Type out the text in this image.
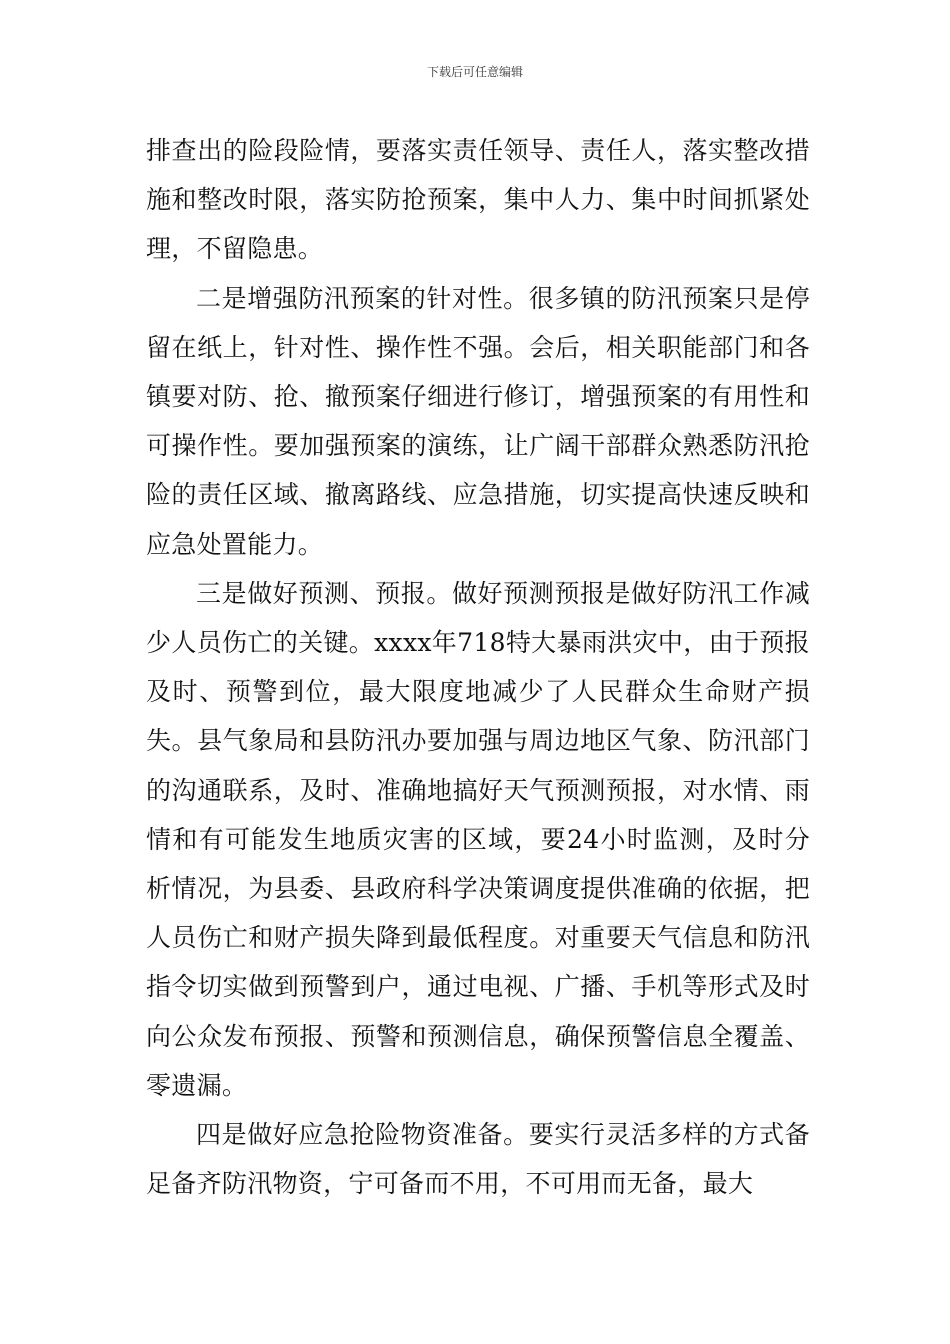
下载后可任意编辑

排查出的险段险情，要落实责任领导、责任人，落实整改措施和整改时限，落实防抢预案，集中人力、集中时间抓紧处理，不留隐患。

二是增强防汛预案的针对性。很多镇的防汛预案只是停留在纸上，针对性、操作性不强。会后，相关职能部门和各镇要对防、抢、撤预案仔细进行修订，增强预案的有用性和可操作性。要加强预案的演练，让广阔干部群众熟悉防汛抢险的责任区域、撤离路线、应急措施，切实提高快速反映和应急处置能力。

三是做好预测、预报。做好预测预报是做好防汛工作减少人员伤亡的关键。xxxx年718特大暴雨洪灾中，由于预报及时、预警到位，最大限度地减少了人民群众生命财产损失。县气象局和县防汛办要加强与周边地区气象、防汛部门的沟通联系，及时、准确地搞好天气预测预报，对水情、雨情和有可能发生地质灾害的区域，要24小时监测，及时分析情况，为县委、县政府科学决策调度提供准确的依据，把人员伤亡和财产损失降到最低程度。对重要天气信息和防汛指令切实做到预警到户，通过电视、广播、手机等形式及时向公众发布预报、预警和预测信息，确保预警信息全覆盖、零遗漏。

四是做好应急抢险物资准备。要实行灵活多样的方式备足备齐防汛物资，宁可备而不用，不可用而无备，最大
